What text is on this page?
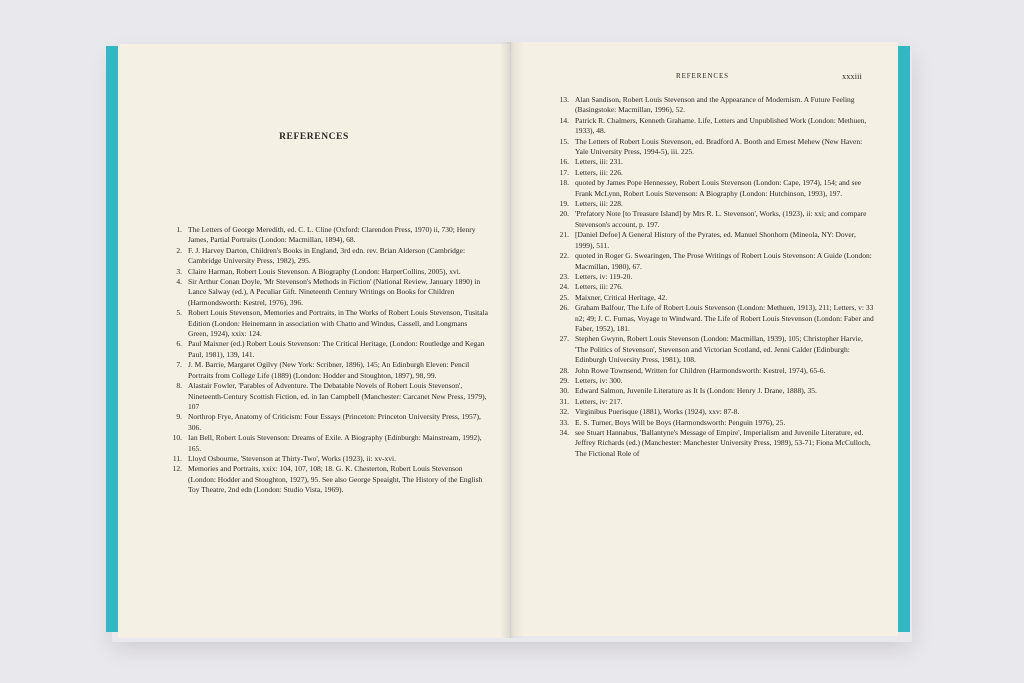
REFERENCES
1. The Letters of George Meredith, ed. C. L. Cline (Oxford: Clarendon Press, 1970) ii, 730; Henry James, Partial Portraits (London: Macmillan, 1894), 68.
2. F. J. Harvey Darton, Children's Books in England, 3rd edn. rev. Brian Alderson (Cambridge: Cambridge University Press, 1982), 295.
3. Claire Harman, Robert Louis Stevenson. A Biography (London: HarperCollins, 2005), xvi.
4. Sir Arthur Conan Doyle, 'Mr Stevenson's Methods in Fiction' (National Review, January 1890) in Lance Salway (ed.), A Peculiar Gift. Nineteenth Century Writings on Books for Children (Harmondsworth: Kestrel, 1976), 396.
5. Robert Louis Stevenson, Memories and Portraits, in The Works of Robert Louis Stevenson, Tusitala Edition (London: Heinemann in association with Chatto and Windus, Cassell, and Longmans Green, 1924), xxix: 124.
6. Paul Maixner (ed.) Robert Louis Stevenson: The Critical Heritage, (London: Routledge and Kegan Paul, 1981), 139, 141.
7. J. M. Barrie, Margaret Ogilvy (New York: Scribner, 1896), 145; An Edinburgh Eleven: Pencil Portraits from College Life (1889) (London: Hodder and Stoughton, 1897), 98, 99.
8. Alastair Fowler, 'Parables of Adventure. The Debatable Novels of Robert Louis Stevenson', Nineteenth-Century Scottish Fiction, ed. in Ian Campbell (Manchester: Carcanet New Press, 1979), 107
9. Northrop Frye, Anatomy of Criticism: Four Essays (Princeton: Princeton University Press, 1957), 306.
10. Ian Bell, Robert Louis Stevenson: Dreams of Exile. A Biography (Edinburgh: Mainstream, 1992), 165.
11. Lloyd Osbourne, 'Stevenson at Thirty-Two', Works (1923), ii: xv-xvi.
12. Memories and Portraits, xxix: 104, 107, 108; 18. G. K. Chesterton, Robert Louis Stevenson (London: Hodder and Stoughton, 1927), 95. See also George Speaight, The History of the English Toy Theatre, 2nd edn (London: Studio Vista, 1969).
REFERENCES	xxxiii
13. Alan Sandison, Robert Louis Stevenson and the Appearance of Modernism. A Future Feeling (Basingstoke: Macmillan, 1996), 52.
14. Patrick R. Chalmers, Kenneth Grahame. Life, Letters and Unpublished Work (London: Methuen, 1933), 48.
15. The Letters of Robert Louis Stevenson, ed. Bradford A. Booth and Ernest Mehew (New Haven: Yale University Press, 1994-5), iii. 225.
16. Letters, iii: 231.
17. Letters, iii: 226.
18. quoted by James Pope Hennessey, Robert Louis Stevenson (London: Cape, 1974), 154; and see Frank McLynn, Robert Louis Stevenson: A Biography (London: Hutchinson, 1993), 197.
19. Letters, iii: 228.
20. 'Prefatory Note [to Treasure Island] by Mrs R. L. Stevenson', Works, (1923), ii: xxi; and compare Stevenson's account, p. 197.
21. [Daniel Defoe] A General History of the Pyrates, ed. Manuel Shonhorn (Mineola, NY: Dover, 1999), 511.
22. quoted in Roger G. Swearingen, The Prose Writings of Robert Louis Stevenson: A Guide (London: Macmillan, 1980), 67.
23. Letters, iv: 119-20.
24. Letters, iii: 276.
25. Maixner, Critical Heritage, 42.
26. Graham Balfour, The Life of Robert Louis Stevenson (London: Methuen, 1913), 211; Letters, v: 33 n2; 49; J. C. Furnas, Voyage to Windward. The Life of Robert Louis Stevenson (London: Faber and Faber, 1952), 181.
27. Stephen Gwynn, Robert Louis Stevenson (London: Macmillan, 1939), 105; Christopher Harvie, 'The Politics of Stevenson', Stevenson and Victorian Scotland, ed. Jenni Calder (Edinburgh: Edinburgh University Press, 1981), 108.
28. John Rowe Townsend, Written for Children (Harmondsworth: Kestrel, 1974), 65-6.
29. Letters, iv: 300.
30. Edward Salmon, Juvenile Literature as It Is (London: Henry J. Drane, 1888), 35.
31. Letters, iv: 217.
32. Virginibus Puerisque (1881), Works (1924), xxv: 87-8.
33. E. S. Turner, Boys Will be Boys (Harmondsworth: Penguin 1976), 25.
34. see Stuart Hannabus, 'Ballantyne's Message of Empire', Imperialism and Juvenile Literature, ed. Jeffrey Richards (ed.) (Manchester: Manchester University Press, 1989), 53-71; Fiona McCulloch, The Fictional Role of
